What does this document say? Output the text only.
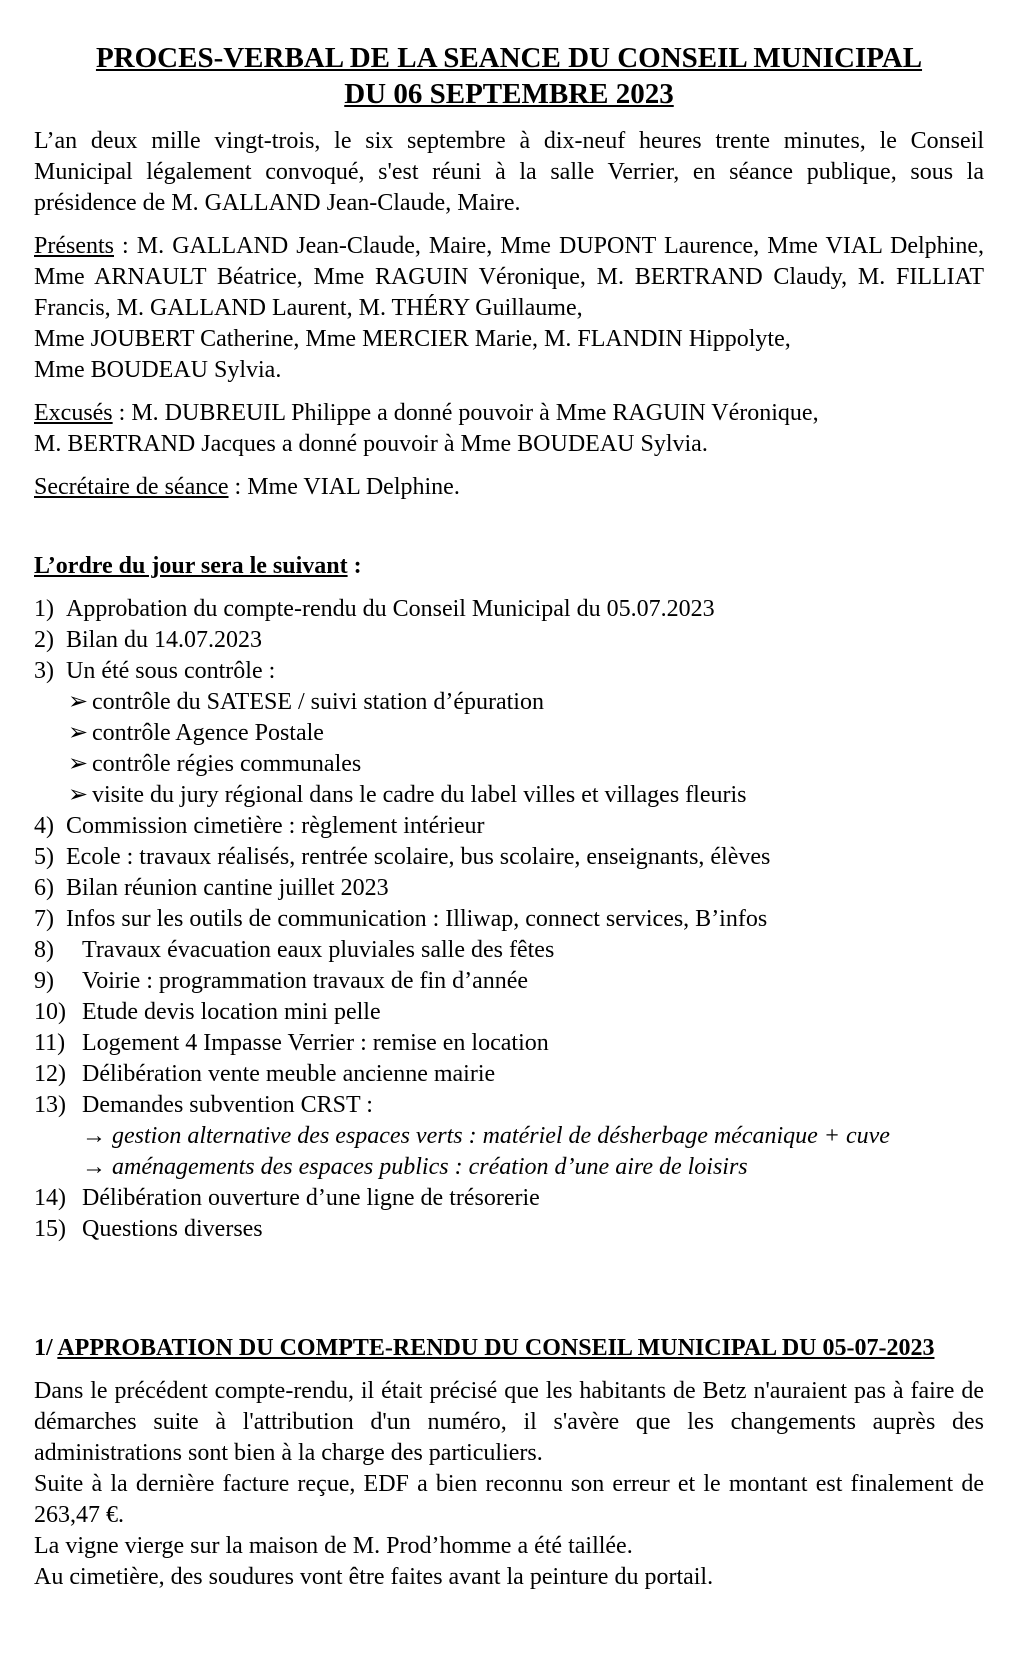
PROCES-VERBAL DE LA SEANCE DU CONSEIL MUNICIPAL
DU 06 SEPTEMBRE 2023

L’an deux mille vingt-trois, le six septembre à dix-neuf heures trente minutes, le Conseil Municipal légalement convoqué, s'est réuni à la salle Verrier, en séance publique, sous la présidence de M. GALLAND Jean-Claude, Maire.

Présents : M. GALLAND Jean-Claude, Maire, Mme DUPONT Laurence, Mme VIAL Delphine, Mme ARNAULT Béatrice, Mme RAGUIN Véronique, M. BERTRAND Claudy, M. FILLIAT Francis, M. GALLAND Laurent, M. THÉRY Guillaume,
Mme JOUBERT Catherine, Mme MERCIER Marie, M. FLANDIN Hippolyte,
Mme BOUDEAU Sylvia.

Excusés : M. DUBREUIL Philippe a donné pouvoir à Mme RAGUIN Véronique,
M. BERTRAND Jacques a donné pouvoir à Mme BOUDEAU Sylvia.

Secrétaire de séance : Mme VIAL Delphine.

L’ordre du jour sera le suivant :

1) Approbation du compte-rendu du Conseil Municipal du 05.07.2023
2) Bilan du 14.07.2023
3) Un été sous contrôle :
➢ contrôle du SATESE / suivi station d’épuration
➢ contrôle Agence Postale
➢ contrôle régies communales
➢ visite du jury régional dans le cadre du label villes et villages fleuris
4) Commission cimetière : règlement intérieur
5) Ecole : travaux réalisés, rentrée scolaire, bus scolaire, enseignants, élèves
6) Bilan réunion cantine juillet 2023
7) Infos sur les outils de communication : Illiwap, connect services, B’infos
8)	Travaux évacuation eaux pluviales salle des fêtes
9)	Voirie : programmation travaux de fin d’année
10) Etude devis location mini pelle
11) Logement 4 Impasse Verrier : remise en location
12) Délibération vente meuble ancienne mairie
13) Demandes subvention CRST :
→ gestion alternative des espaces verts : matériel de désherbage mécanique + cuve
→ aménagements des espaces publics : création d’une aire de loisirs
14) Délibération ouverture d’une ligne de trésorerie
15) Questions diverses

1/ APPROBATION DU COMPTE-RENDU DU CONSEIL MUNICIPAL DU 05-07-2023

Dans le précédent compte-rendu, il était précisé que les habitants de Betz n'auraient pas à faire de démarches suite à l'attribution d'un numéro, il s'avère que les changements auprès des administrations sont bien à la charge des particuliers.

Suite à la dernière facture reçue, EDF a bien reconnu son erreur et le montant est finalement de 263,47 €.

La vigne vierge sur la maison de M. Prod’homme a été taillée.

Au cimetière, des soudures vont être faites avant la peinture du portail.
